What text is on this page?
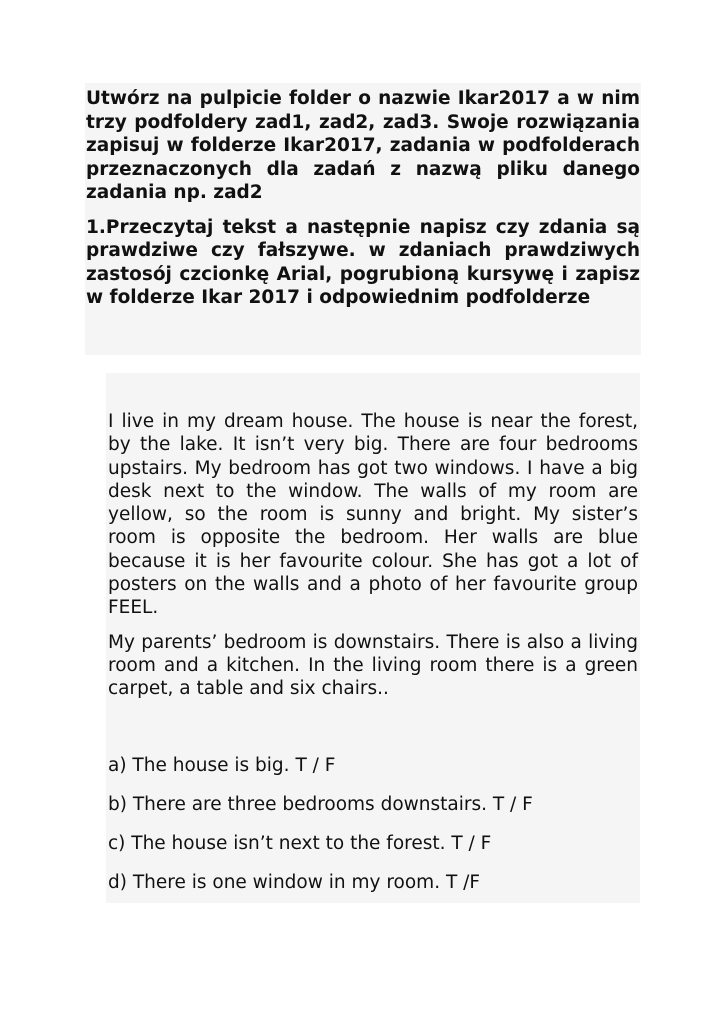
Utwórz na pulpicie folder o nazwie Ikar2017 a w nim trzy podfoldery zad1, zad2, zad3. Swoje rozwiązania zapisuj w folderze Ikar2017, zadania w podfolderach przeznaczonych dla zadań z nazwą pliku danego zadania np. zad2

1.Przeczytaj tekst a następnie napisz czy zdania są prawdziwe czy fałszywe. w zdaniach prawdziwych zastosój czcionkę Arial, pogrubioną kursywę i zapisz w folderze Ikar 2017 i odpowiednim podfolderze

I live in my dream house. The house is near the forest, by the lake. It isn’t very big. There are four bedrooms upstairs. My bedroom has got two windows. I have a big desk next to the window. The walls of my room are yellow, so the room is sunny and bright. My sister’s room is opposite the bedroom. Her walls are blue because it is her favourite colour. She has got a lot of posters on the walls and a photo of her favourite group FEEL.

My parents’ bedroom is downstairs. There is also a living room and a kitchen. In the living room there is a green carpet, a table and six chairs..

a) The house is big. T / F

b) There are three bedrooms downstairs. T / F

c) The house isn’t next to the forest. T / F

d) There is one window in my room. T /F
